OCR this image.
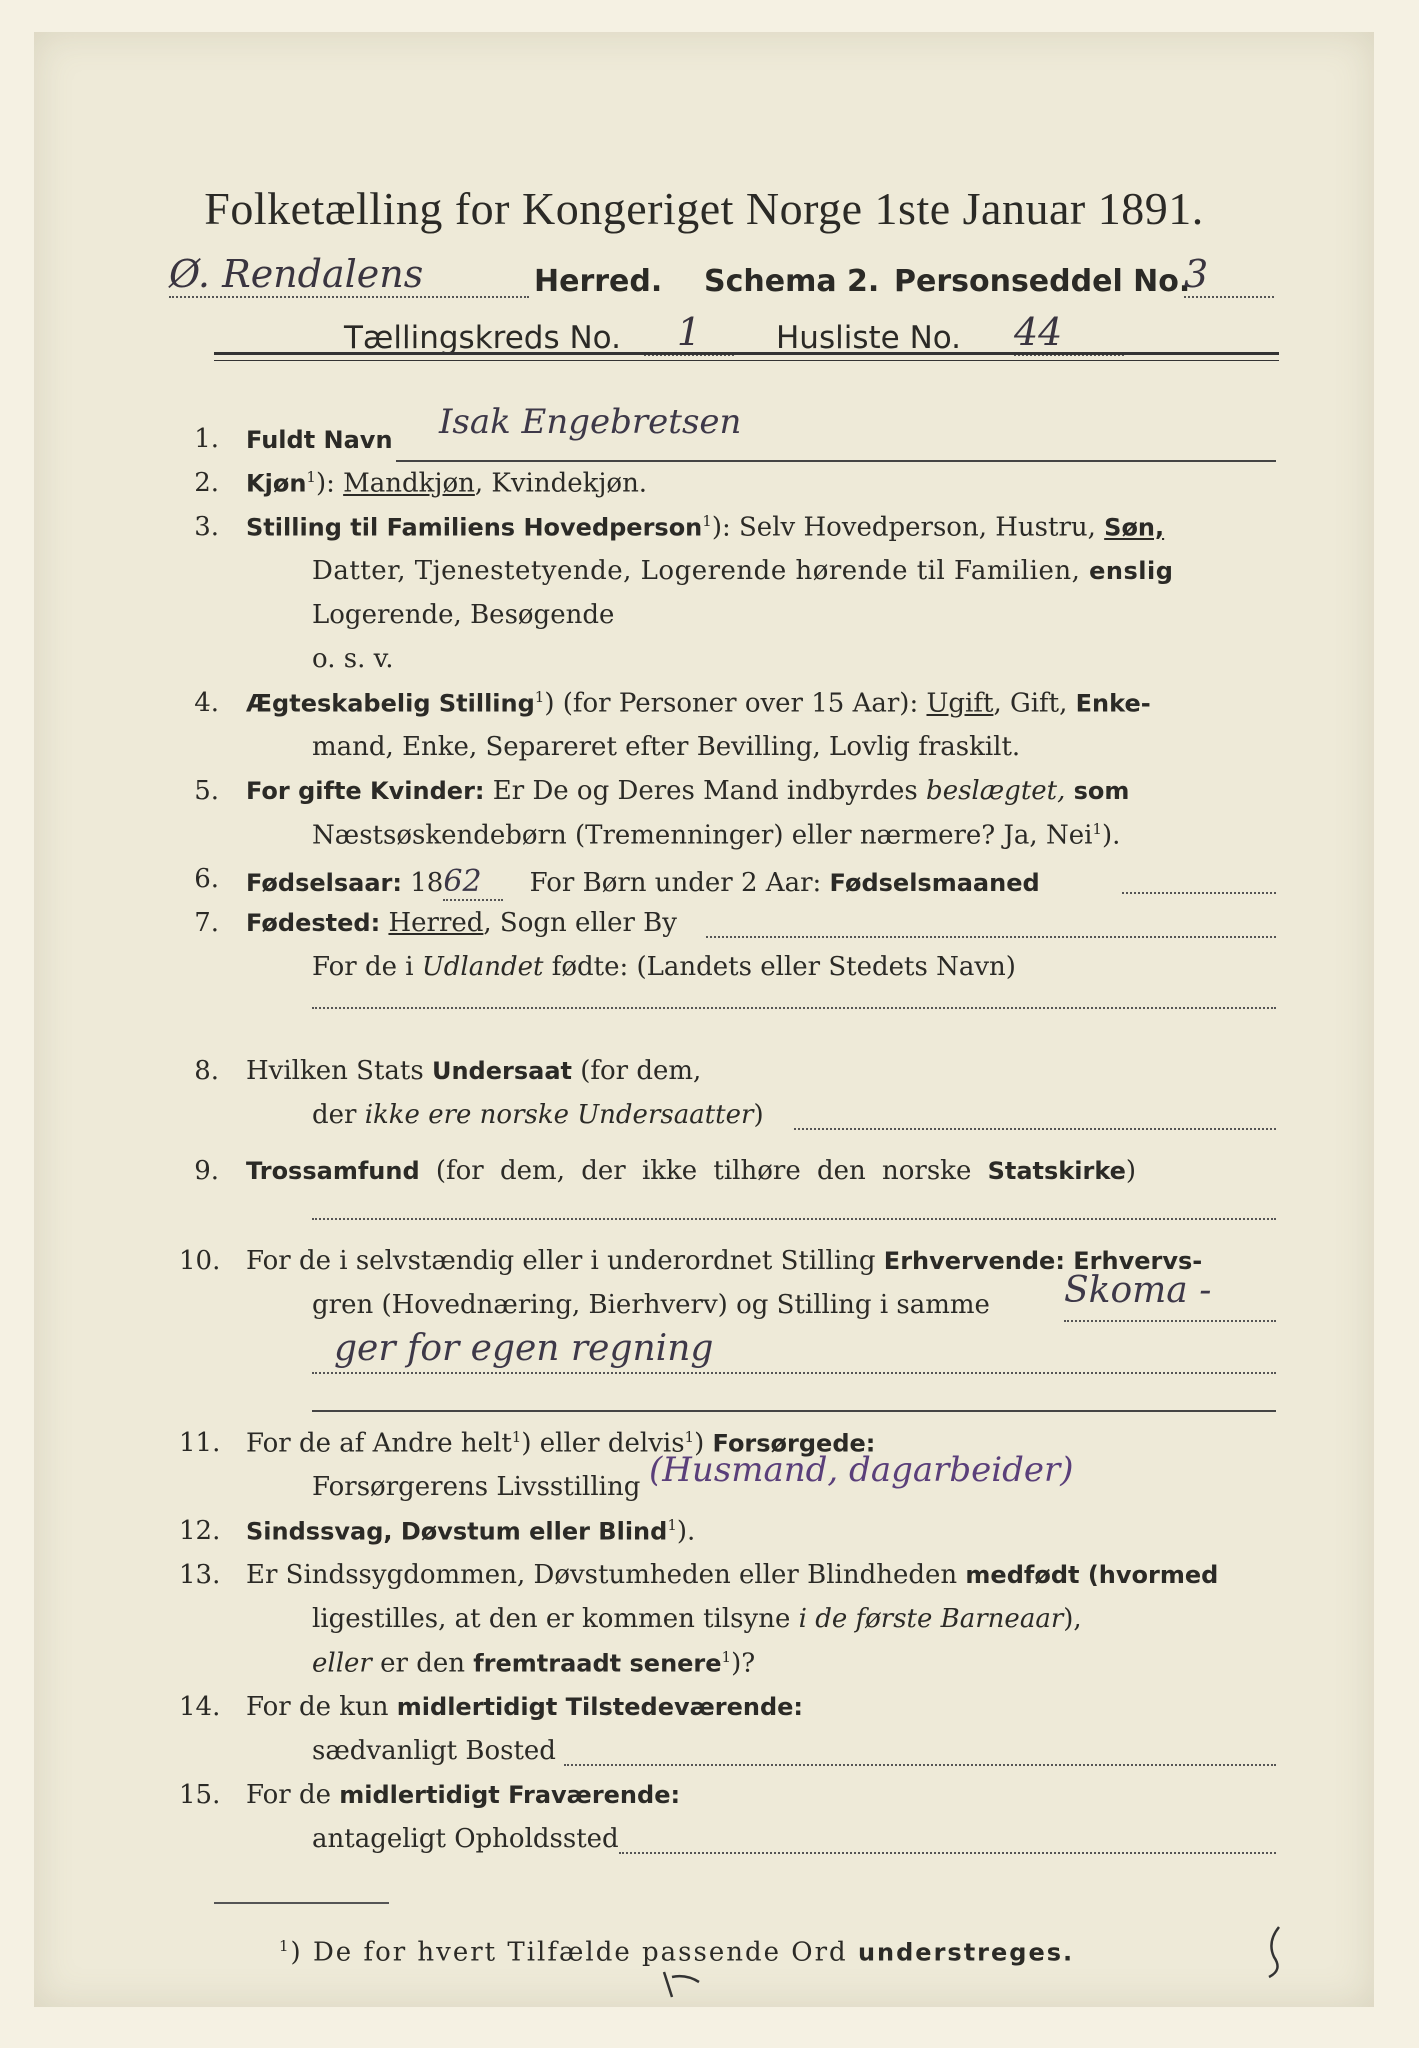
Folketælling for Kongeriget Norge 1ste Januar 1891.
Ø. Rendalens	Herred. Schema 2. Personseddel No.
3
Tællingskreds No.	1	Husliste No. 44
1. Fuldt Navn Isak Engebretsen
2. Kjøn$^1$): Mandkjøn, Kvindekjøn.
3. Stilling til Familiens Hovedperson$^1$): Selv Hovedperson, Hustru, Søn,
Datter, Tjenestetyende, Logerende hørende til Familien, enslig
Logerende, Besøgende
o. s. v.
4. Ægteskabelig Stilling$^1$) (for Personer over 15 Aar): Ugift, Gift, Enke-
mand, Enke, Separeret efter Bevilling, Lovlig fraskilt.
5. For gifte Kvinder: Er De og Deres Mand indbyrdes beslægtet, som
Næstsøskendebørn (Tremenninger) eller nærmere? Ja, Nei$^1$).
6. Fødselsaar: 1862 For Børn under 2 Aar: Fødselsmaaned
7. Fødested: Herred, Sogn eller By
For de i Udlandet fødte: (Landets eller Stedets Navn)
8. Hvilken Stats Undersaat (for dem,
der ikke ere norske Undersaatter)
9. Trossamfund (for dem, der ikke tilhøre den norske Statskirke)
10. For de i selvstændig eller i underordnet Stilling Erhvervende: Erhvervs-
gren (Hovednæring, Bierhverv) og Stilling i samme Skoma -
ger for egen regning
11. For de af Andre helt$^1$) eller delvis$^1$) Forsørgede:
Forsørgerens Livsstilling (Husmand, dagarbeider)
12. Sindssvag, Døvstum eller Blind$^1$).
13. Er Sindssygdommen, Døvstumheden eller Blindheden medfødt (hvormed
ligestilles, at den er kommen tilsyne i de første Barneaar),
eller er den fremtraadt senere$^1$)?
14. For de kun midlertidigt Tilstedeværende:
sædvanligt Bosted
15. For de midlertidigt Fraværende:
antageligt Opholdssted
$^1$) De for hvert Tilfælde passende Ord understreges.
